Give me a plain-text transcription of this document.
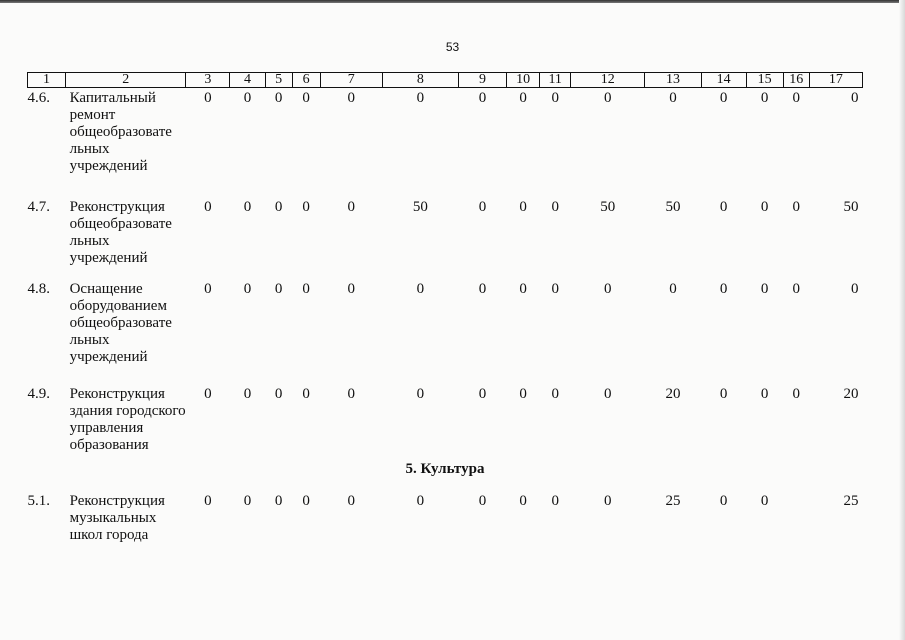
53
1	2	3	4	5	6	7	8	9	10	11	12	13	14	15	16	17
4.6.	Капитальный ремонт общеобразовате льных учреждений	0	0	0	0	0	0	0	0	0	0	0	0	0	0	0
4.7.	Реконструкция общеобразовате льных учреждений	0	0	0	0	0	50	0	0	0	50	50	0	0	0	50
4.8.	Оснащение оборудованием общеобразовате льных учреждений	0	0	0	0	0	0	0	0	0	0	0	0	0	0	0
4.9.	Реконструкция здания городского управления образования	0	0	0	0	0	0	0	0	0	0	20	0	0	0	20
5. Культура																
5.1.	Реконструкция музыкальных школ города	0	0	0	0	0	0	0	0	0	0	25	0	0		25
